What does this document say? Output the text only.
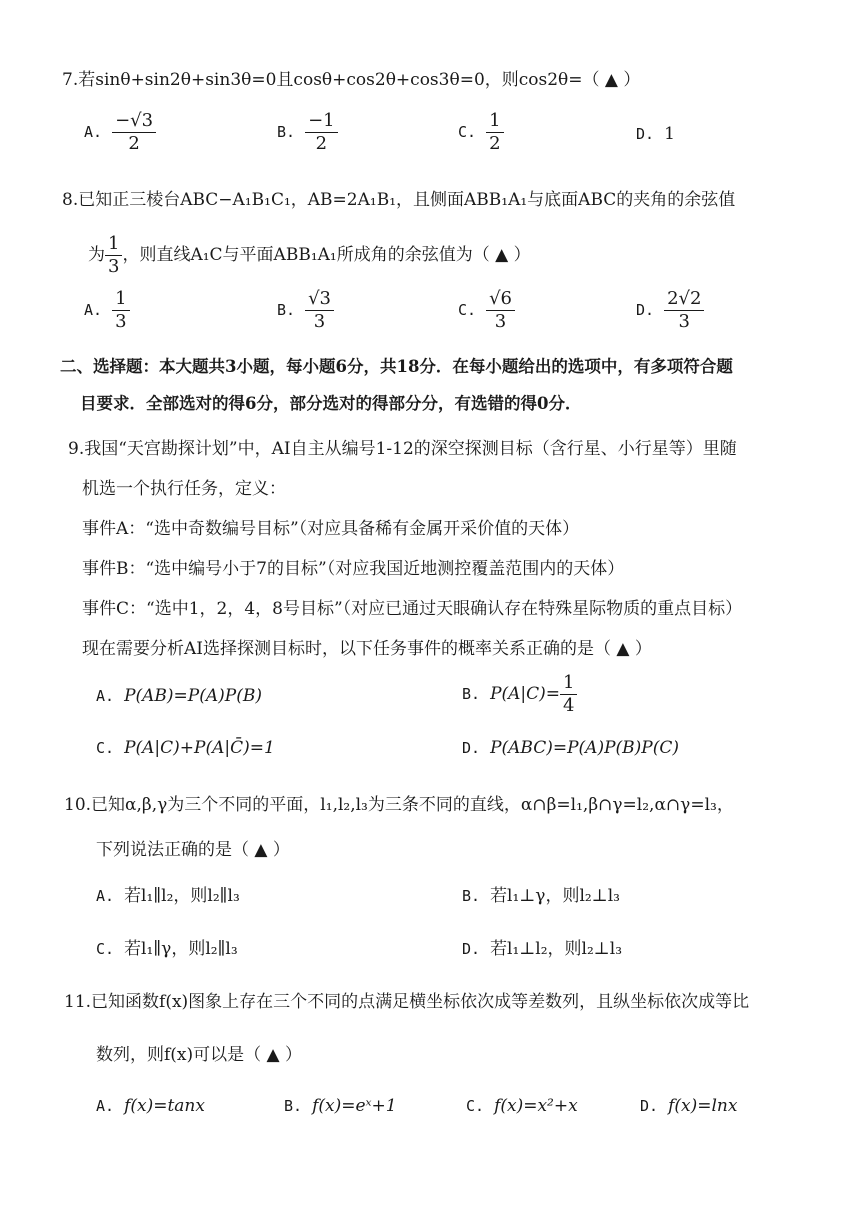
7.若sinθ+sin2θ+sin3θ=0且cosθ+cos2θ+cos3θ=0，则cos2θ=（ ▲ ）
A. $\frac{-√3}{2}$	B. $\frac{-1}{2}$	C. $\frac{1}{2}$	D. 1
8.已知正三棱台ABC−A₁B₁C₁，AB=2A₁B₁，且侧面ABB₁A₁与底面ABC的夹角的余弦值
为 $\frac{1}{3}$ ，则直线A₁C与平面ABB₁A₁所成角的余弦值为（ ▲ ）
A. $\frac{1}{3}$	B. $\frac{√3}{3}$	C. $\frac{√6}{3}$	D. $\frac{2√2}{3}$
二、选择题：本大题共3小题，每小题6分，共18分．在每小题给出的选项中，有多项符合题
目要求．全部选对的得6分，部分选对的得部分分，有选错的得0分．
9.我国“天宫勘探计划”中，AI自主从编号1-12的深空探测目标（含行星、小行星等）里随
机选一个执行任务，定义：
事件A：“选中奇数编号目标”（对应具备稀有金属开采价值的天体）
事件B：“选中编号小于7的目标”（对应我国近地测控覆盖范围内的天体）
事件C：“选中1，2，4，8号目标”（对应已通过天眼确认存在特殊星际物质的重点目标）
现在需要分析AI选择探测目标时，以下任务事件的概率关系正确的是（ ▲ ）
A. P(AB)=P(A)P(B)	B. $P(A|C)= \frac{1}{4}$
C. P(A|C)+P(A|C̄)=1	D. P(ABC)=P(A)P(B)P(C)
10.已知α,β,γ为三个不同的平面，l₁,l₂,l₃为三条不同的直线，α∩β=l₁,β∩γ=l₂,α∩γ=l₃，
下列说法正确的是（ ▲ ）
A. 若l₁∥l₂，则l₂∥l₃	B. 若l₁⊥γ，则l₂⊥l₃
C. 若l₁∥γ，则l₂∥l₃	D. 若l₁⊥l₂，则l₂⊥l₃
11.已知函数f(x)图象上存在三个不同的点满足横坐标依次成等差数列，且纵坐标依次成等比
数列，则f(x)可以是（ ▲ ）
A. f(x)=tanx	B. f(x)=eˣ+1	C. f(x)=x²+x	D. f(x)=lnx
